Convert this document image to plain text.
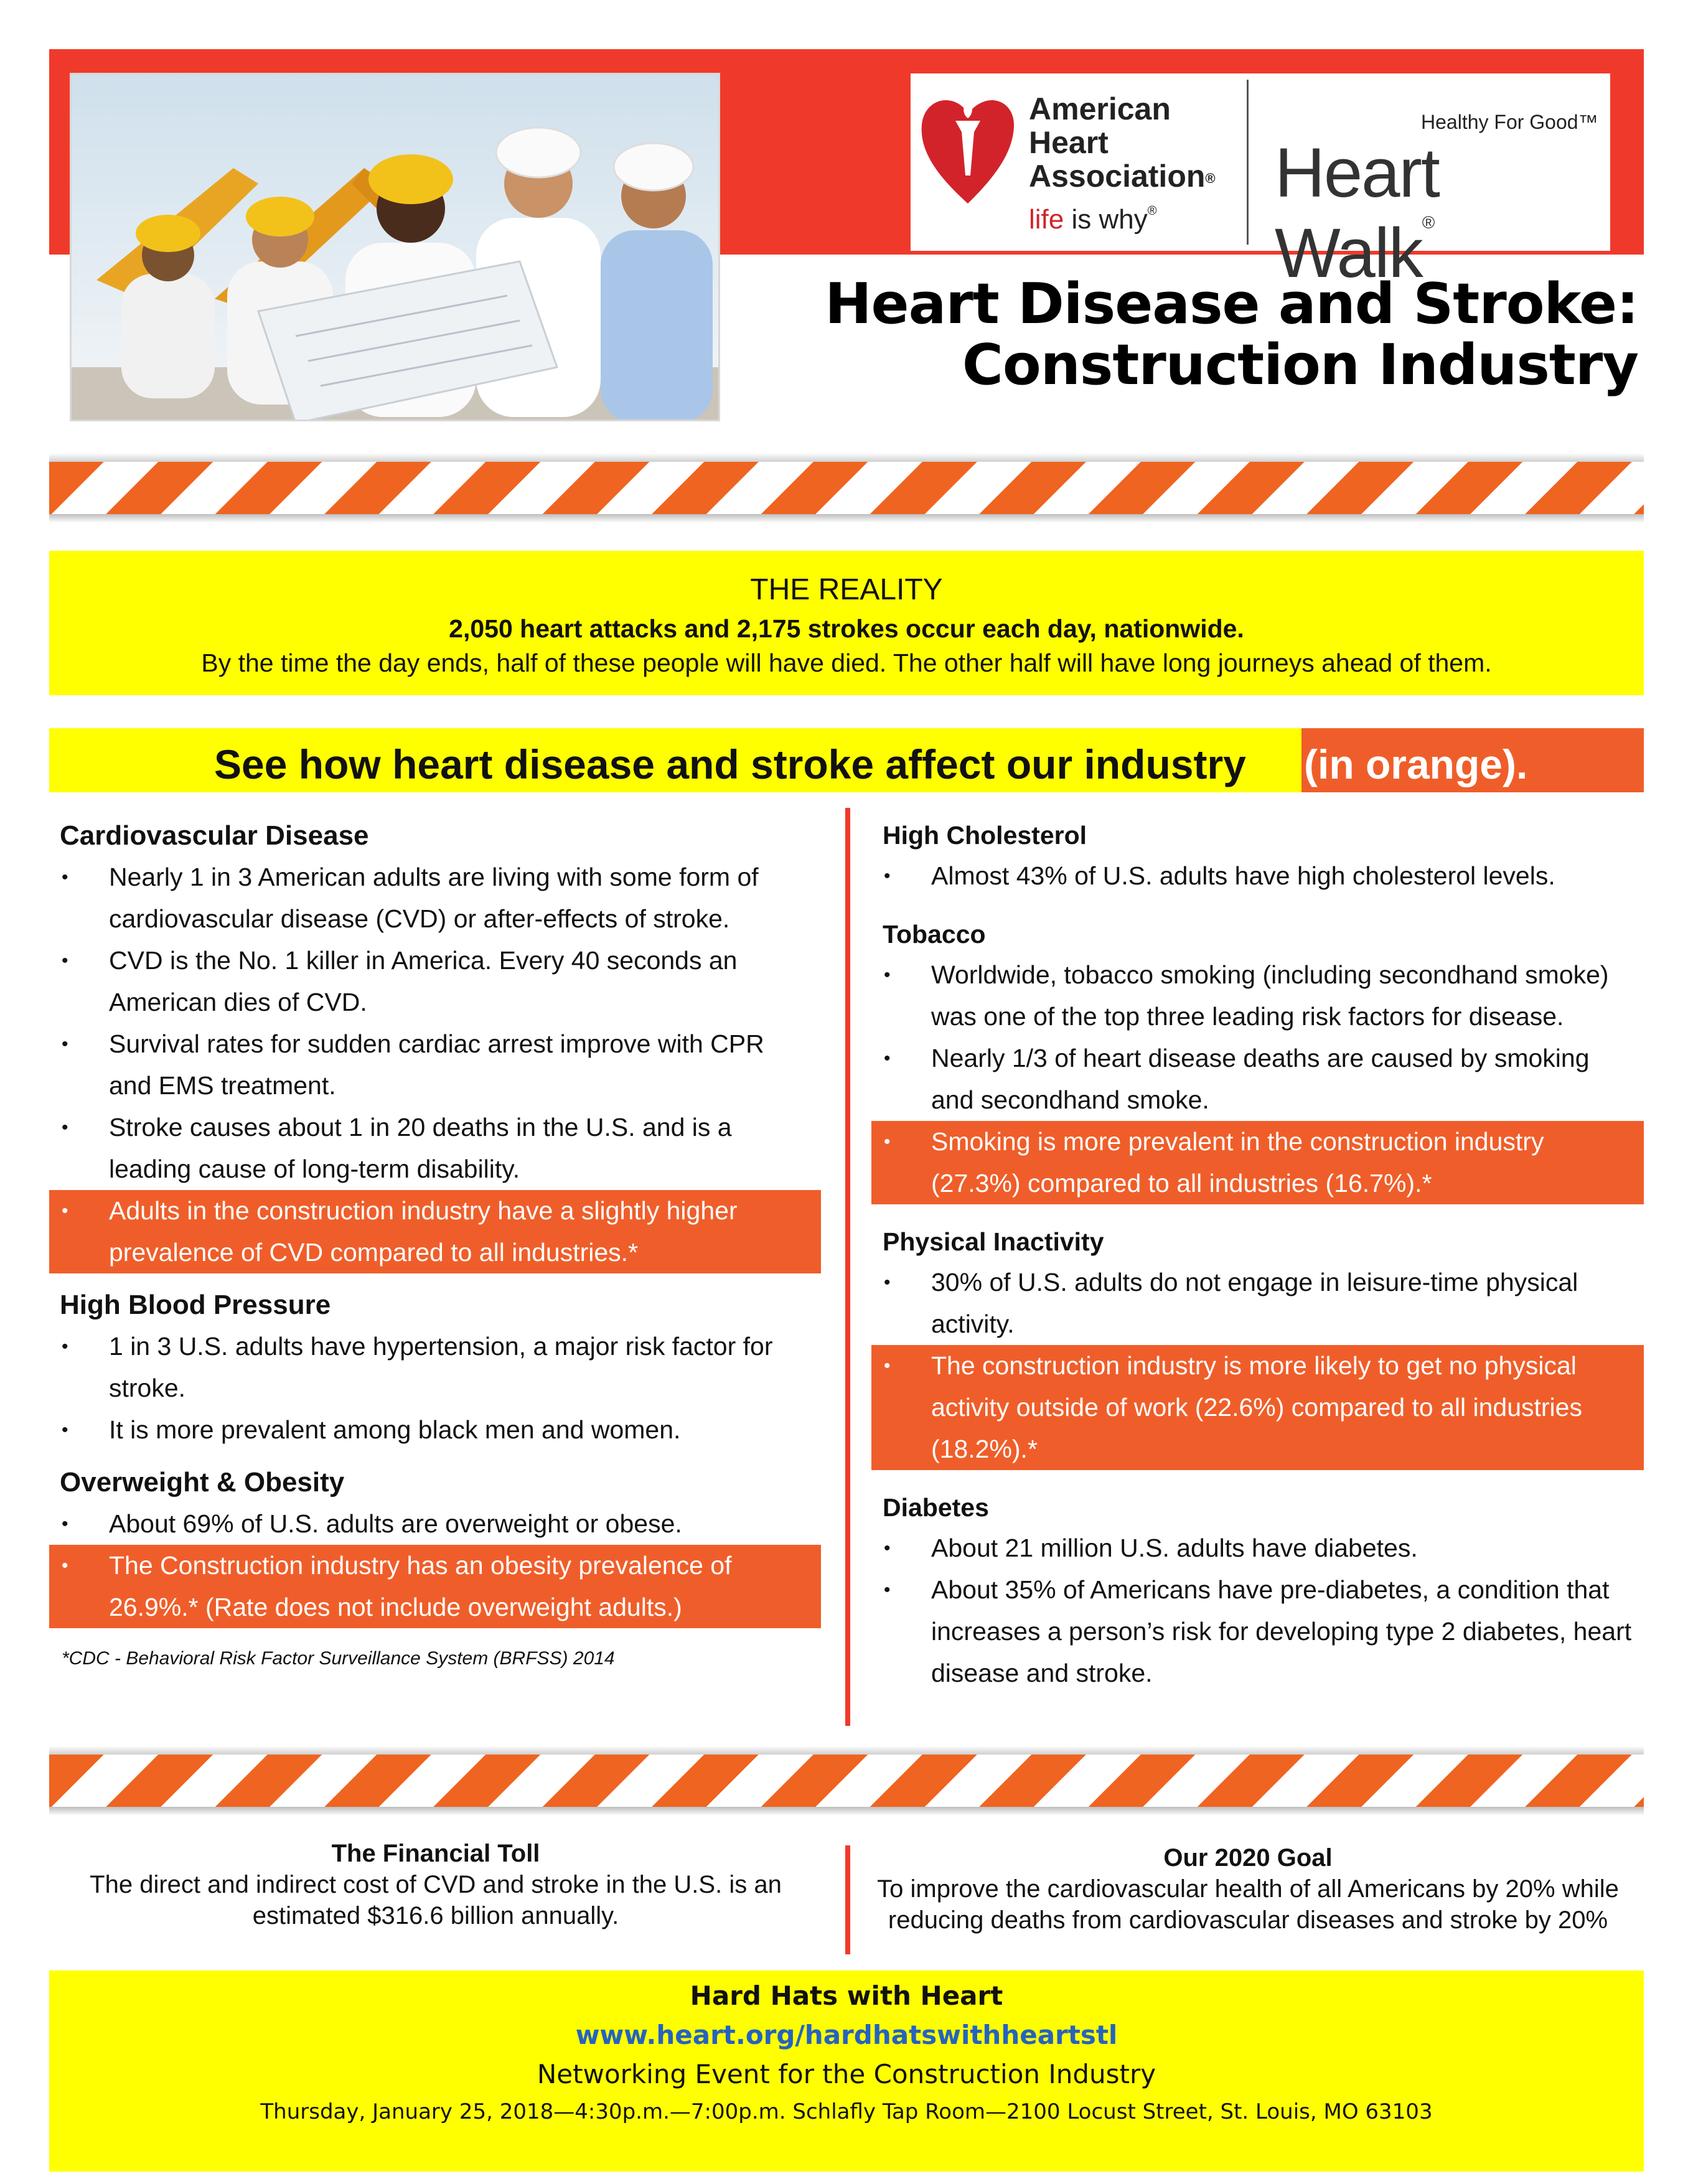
American
Heart
Association®
life is why®
Healthy For Good™
Heart Walk®
Heart Disease and Stroke:
Construction Industry
THE REALITY
2,050 heart attacks and 2,175 strokes occur each day, nationwide.
By the time the day ends, half of these people will have died. The other half will have long journeys ahead of them.
See how heart disease and stroke affect our industry (in orange).
Cardiovascular Disease
• Nearly 1 in 3 American adults are living with some form of cardiovascular disease (CVD) or after-effects of stroke.
• CVD is the No. 1 killer in America. Every 40 seconds an American dies of CVD.
• Survival rates for sudden cardiac arrest improve with CPR and EMS treatment.
• Stroke causes about 1 in 20 deaths in the U.S. and is a leading cause of long-term disability.
• Adults in the construction industry have a slightly higher prevalence of CVD compared to all industries.*
High Blood Pressure
• 1 in 3 U.S. adults have hypertension, a major risk factor for stroke.
• It is more prevalent among black men and women.
Overweight & Obesity
• About 69% of U.S. adults are overweight or obese.
• The Construction industry has an obesity prevalence of 26.9%.* (Rate does not include overweight adults.)
*CDC - Behavioral Risk Factor Surveillance System (BRFSS) 2014
High Cholesterol
• Almost 43% of U.S. adults have high cholesterol levels.
Tobacco
• Worldwide, tobacco smoking (including secondhand smoke) was one of the top three leading risk factors for disease.
• Nearly 1/3 of heart disease deaths are caused by smoking and secondhand smoke.
• Smoking is more prevalent in the construction industry (27.3%) compared to all industries (16.7%).*
Physical Inactivity
• 30% of U.S. adults do not engage in leisure-time physical activity.
• The construction industry is more likely to get no physical activity outside of work (22.6%) compared to all industries (18.2%).*
Diabetes
• About 21 million U.S. adults have diabetes.
• About 35% of Americans have pre-diabetes, a condition that increases a person’s risk for developing type 2 diabetes, heart disease and stroke.
The Financial Toll
The direct and indirect cost of CVD and stroke in the U.S. is an estimated $316.6 billion annually.
Our 2020 Goal
To improve the cardiovascular health of all Americans by 20% while reducing deaths from cardiovascular diseases and stroke by 20%
Hard Hats with Heart
www.heart.org/hardhatswithheartstl
Networking Event for the Construction Industry
Thursday, January 25, 2018—4:30p.m.—7:00p.m. Schlafly Tap Room—2100 Locust Street, St. Louis, MO 63103
